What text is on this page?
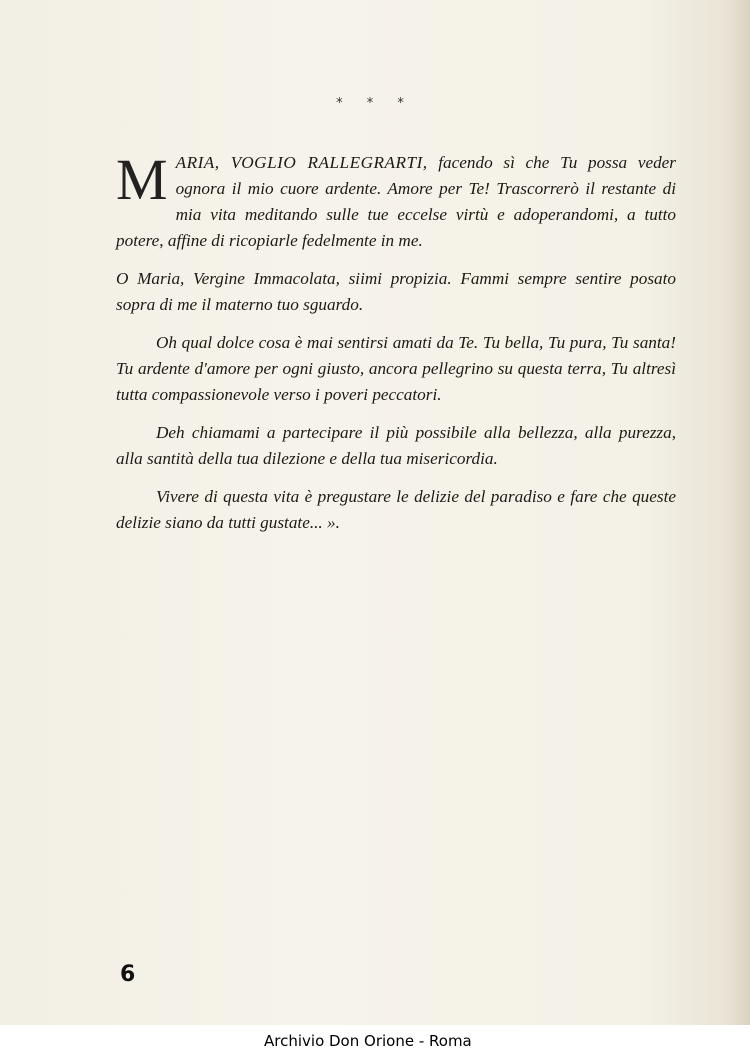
* * *

MARIA, VOGLIO RALLEGRARTI, facendo sì che Tu possa veder ognora il mio cuore ardente. Amore per Te! Trascorrerò il restante di mia vita meditando sulle tue eccelse virtù e adoperandomi, a tutto potere, affine di ricopiarle fedelmente in me.

O Maria, Vergine Immacolata, siimi propizia. Fammi sempre sentire posato sopra di me il materno tuo sguardo.

Oh qual dolce cosa è mai sentirsi amati da Te. Tu bella, Tu pura, Tu santa! Tu ardente d'amore per ogni giusto, ancora pellegrino su questa terra, Tu altresì tutta compassionevole verso i poveri peccatori.

Deh chiamami a partecipare il più possibile alla bellezza, alla purezza, alla santità della tua dilezione e della tua misericordia.

Vivere di questa vita è pregustare le delizie del paradiso e fare che queste delizie siano da tutti gustate... ».

6
Archivio Don Orione - Roma
